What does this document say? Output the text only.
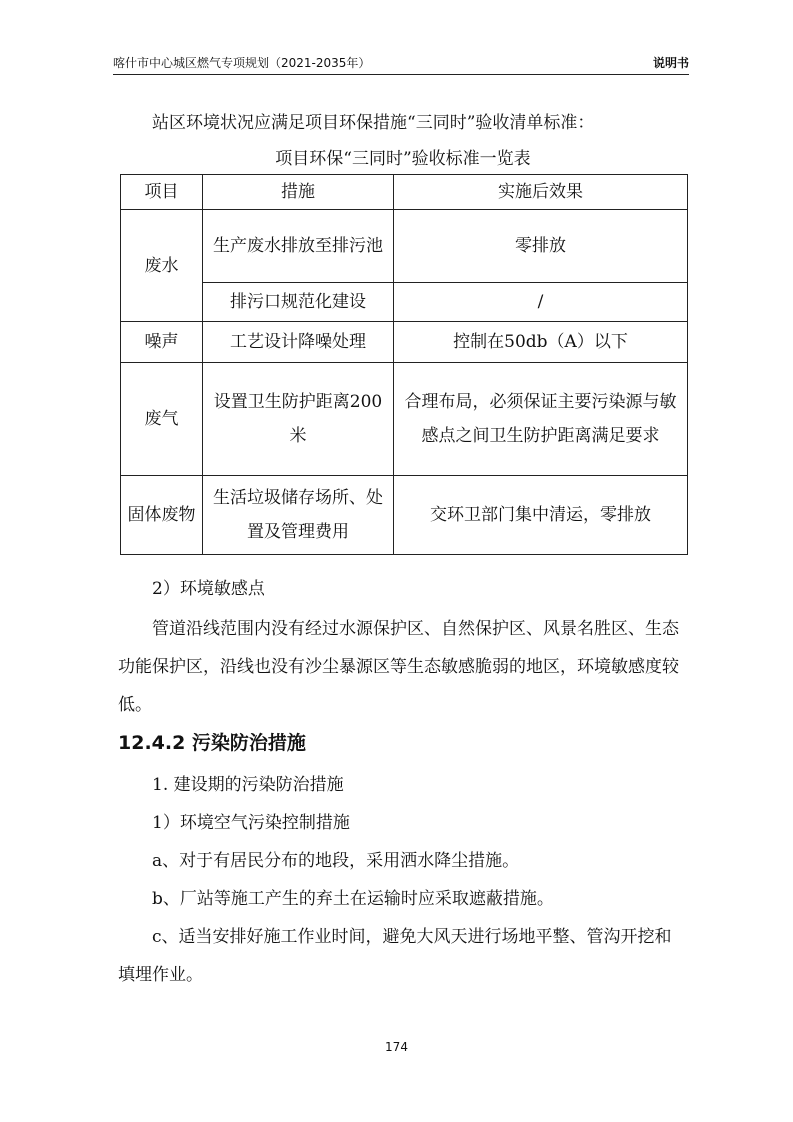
喀什市中心城区燃气专项规划（2021-2035年）	说明书

站区环境状况应满足项目环保措施“三同时”验收清单标准：

项目环保“三同时”验收标准一览表
项目	措施	实施后效果
废水	生产废水排放至排污池	零排放
	排污口规范化建设	/
噪声	工艺设计降噪处理	控制在50db（A）以下
废气	设置卫生防护距离200米	合理布局，必须保证主要污染源与敏感点之间卫生防护距离满足要求
固体废物	生活垃圾储存场所、处置及管理费用	交环卫部门集中清运，零排放

2）环境敏感点

管道沿线范围内没有经过水源保护区、自然保护区、风景名胜区、生态功能保护区，沿线也没有沙尘暴源区等生态敏感脆弱的地区，环境敏感度较低。

12.4.2 污染防治措施

1. 建设期的污染防治措施

1）环境空气污染控制措施

a、对于有居民分布的地段，采用洒水降尘措施。

b、厂站等施工产生的弃土在运输时应采取遮蔽措施。

c、适当安排好施工作业时间，避免大风天进行场地平整、管沟开挖和填埋作业。

174
